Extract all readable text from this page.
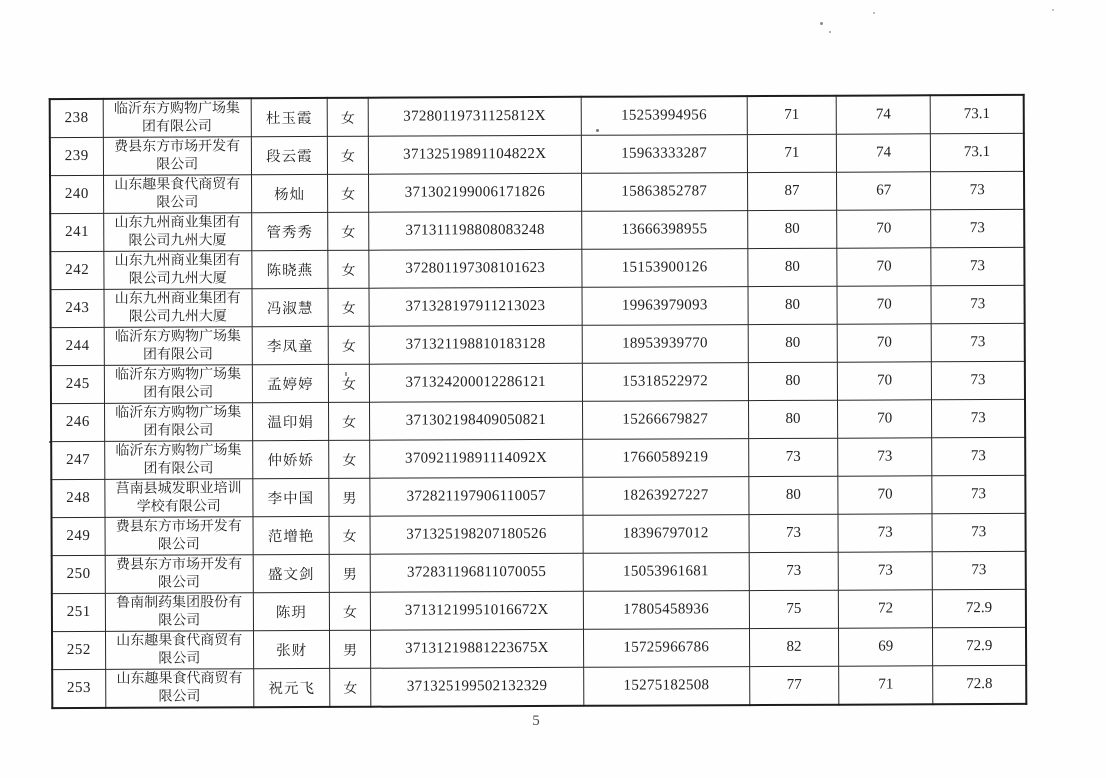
238	临沂东方购物广场集团有限公司	杜玉霞	女	37280119731125812X	15253994956	71	74	73.1
239	费县东方市场开发有限公司	段云霞	女	37132519891104822X	15963333287	71	74	73.1
240	山东趣果食代商贸有限公司	杨灿	女	371302199006171826	15863852787	87	67	73
241	山东九州商业集团有限公司九州大厦	管秀秀	女	371311198808083248	13666398955	80	70	73
242	山东九州商业集团有限公司九州大厦	陈晓燕	女	372801197308101623	15153900126	80	70	73
243	山东九州商业集团有限公司九州大厦	冯淑慧	女	371328197911213023	19963979093	80	70	73
244	临沂东方购物广场集团有限公司	李凤童	女	371321198810183128	18953939770	80	70	73
245	临沂东方购物广场集团有限公司	孟婷婷	女	371324200012286121	15318522972	80	70	73
246	临沂东方购物广场集团有限公司	温印娟	女	371302198409050821	15266679827	80	70	73
247	临沂东方购物广场集团有限公司	仲娇娇	女	37092119891114092X	17660589219	73	73	73
248	莒南县城发职业培训学校有限公司	李中国	男	372821197906110057	18263927227	80	70	73
249	费县东方市场开发有限公司	范增艳	女	371325198207180526	18396797012	73	73	73
250	费县东方市场开发有限公司	盛文剑	男	372831196811070055	15053961681	73	73	73
251	鲁南制药集团股份有限公司	陈玥	女	37131219951016672X	17805458936	75	72	72.9
252	山东趣果食代商贸有限公司	张财	男	37131219881223675X	15725966786	82	69	72.9
253	山东趣果食代商贸有限公司	祝元飞	女	371325199502132329	15275182508	77	71	72.8
5
